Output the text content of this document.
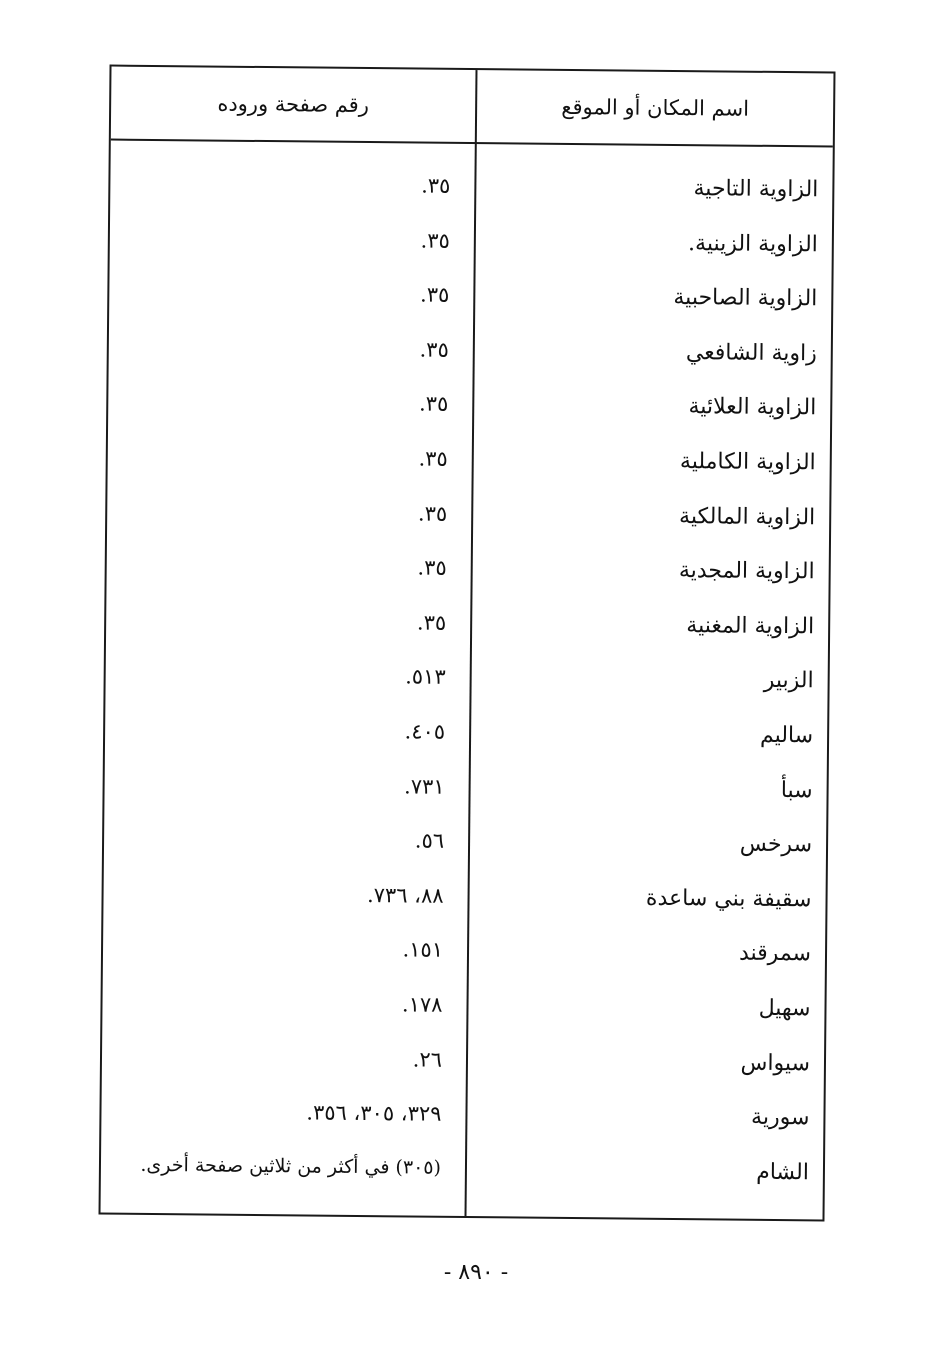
اسم المكان أو الموقع
رقم صفحة وروده
الزاوية التاجية
٣٥.
الزاوية الزينية.
٣٥.
الزاوية الصاحبية
٣٥.
زاوية الشافعي
٣٥.
الزاوية العلائية
٣٥.
الزاوية الكاملية
٣٥.
الزاوية المالكية
٣٥.
الزاوية المجدية
٣٥.
الزاوية المغنية
٣٥.
الزبير
٥١٣.
ساليم
٤٠٥.
سبأ
٧٣١.
سرخس
٥٦.
سقيفة بني ساعدة
٨٨، ٧٣٦.
سمرقند
١٥١.
سهيل
١٧٨.
سيواس
٢٦.
سورية
٣٢٩، ٣٠٥، ٣٥٦.
الشام
(٣٠٥) في أكثر من ثلاثين صفحة أخرى.
- ٨٩٠ -
